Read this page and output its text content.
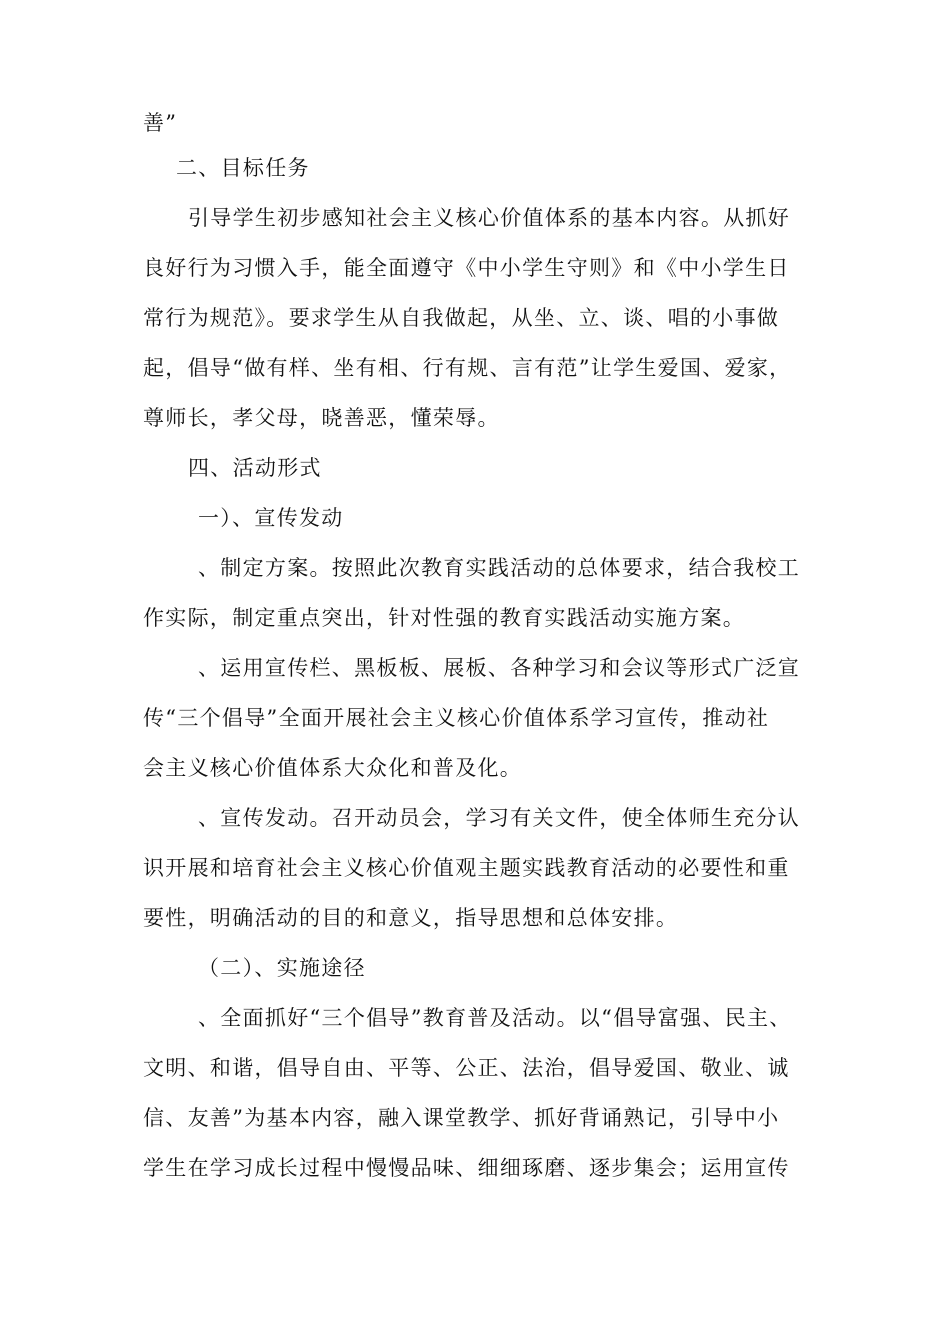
善”
二、目标任务
引导学生初步感知社会主义核心价值体系的基本内容。从抓好
良好行为习惯入手，能全面遵守《中小学生守则》和《中小学生日
常行为规范》。要求学生从自我做起，从坐、立、谈、唱的小事做
起，倡导“做有样、坐有相、行有规、言有范”让学生爱国、爱家，
尊师长，孝父母，晓善恶，懂荣辱。
四、活动形式
一）、宣传发动
、制定方案。按照此次教育实践活动的总体要求，结合我校工
作实际，制定重点突出，针对性强的教育实践活动实施方案。
、运用宣传栏、黑板板、展板、各种学习和会议等形式广泛宣
传“三个倡导”全面开展社会主义核心价值体系学习宣传，推动社
会主义核心价值体系大众化和普及化。
、宣传发动。召开动员会，学习有关文件，使全体师生充分认
识开展和培育社会主义核心价值观主题实践教育活动的必要性和重
要性，明确活动的目的和意义，指导思想和总体安排。
（二）、实施途径
、全面抓好“三个倡导”教育普及活动。以“倡导富强、民主、
文明、和谐，倡导自由、平等、公正、法治，倡导爱国、敬业、诚
信、友善”为基本内容，融入课堂教学、抓好背诵熟记，引导中小
学生在学习成长过程中慢慢品味、细细琢磨、逐步集会；运用宣传
